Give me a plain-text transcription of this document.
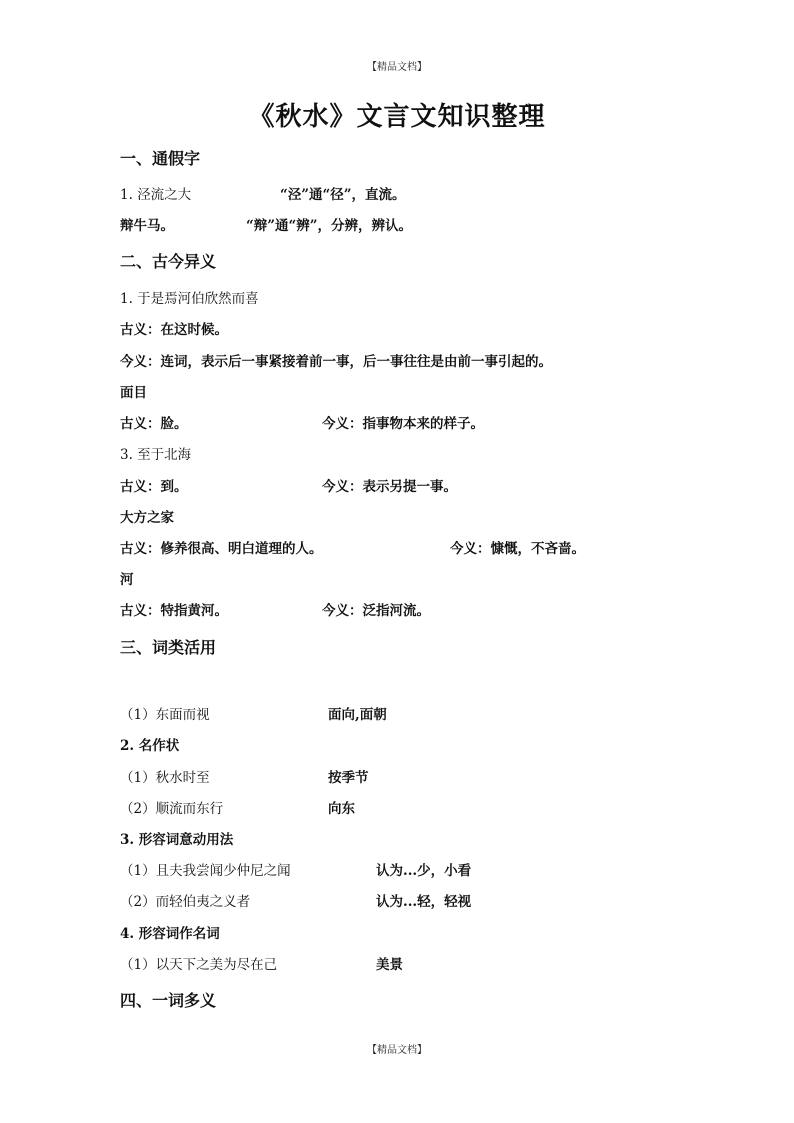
【精品文档】
《秋水》文言文知识整理
一、通假字
1. 泾流之大	“泾”通“径”，直流。
辩牛马。	“辩”通“辨”，分辨，辨认。
二、古今异义
1. 于是焉河伯欣然而喜
古义：在这时候。
今义：连词，表示后一事紧接着前一事，后一事往往是由前一事引起的。
面目
古义：脸。	今义：指事物本来的样子。
3. 至于北海
古义：到。	今义：表示另提一事。
大方之家
古义：修养很高、明白道理的人。	今义：慷慨，不吝啬。
河
古义：特指黄河。	今义：泛指河流。
三、词类活用
（1）东面而视	面向,面朝
2. 名作状
（1）秋水时至	按季节
（2）顺流而东行	向东
3. 形容词意动用法
（1）且夫我尝闻少仲尼之闻	认为...少，小看
（2）而轻伯夷之义者	认为...轻，轻视
4. 形容词作名词
（1）以天下之美为尽在己	美景
四、一词多义
【精品文档】
